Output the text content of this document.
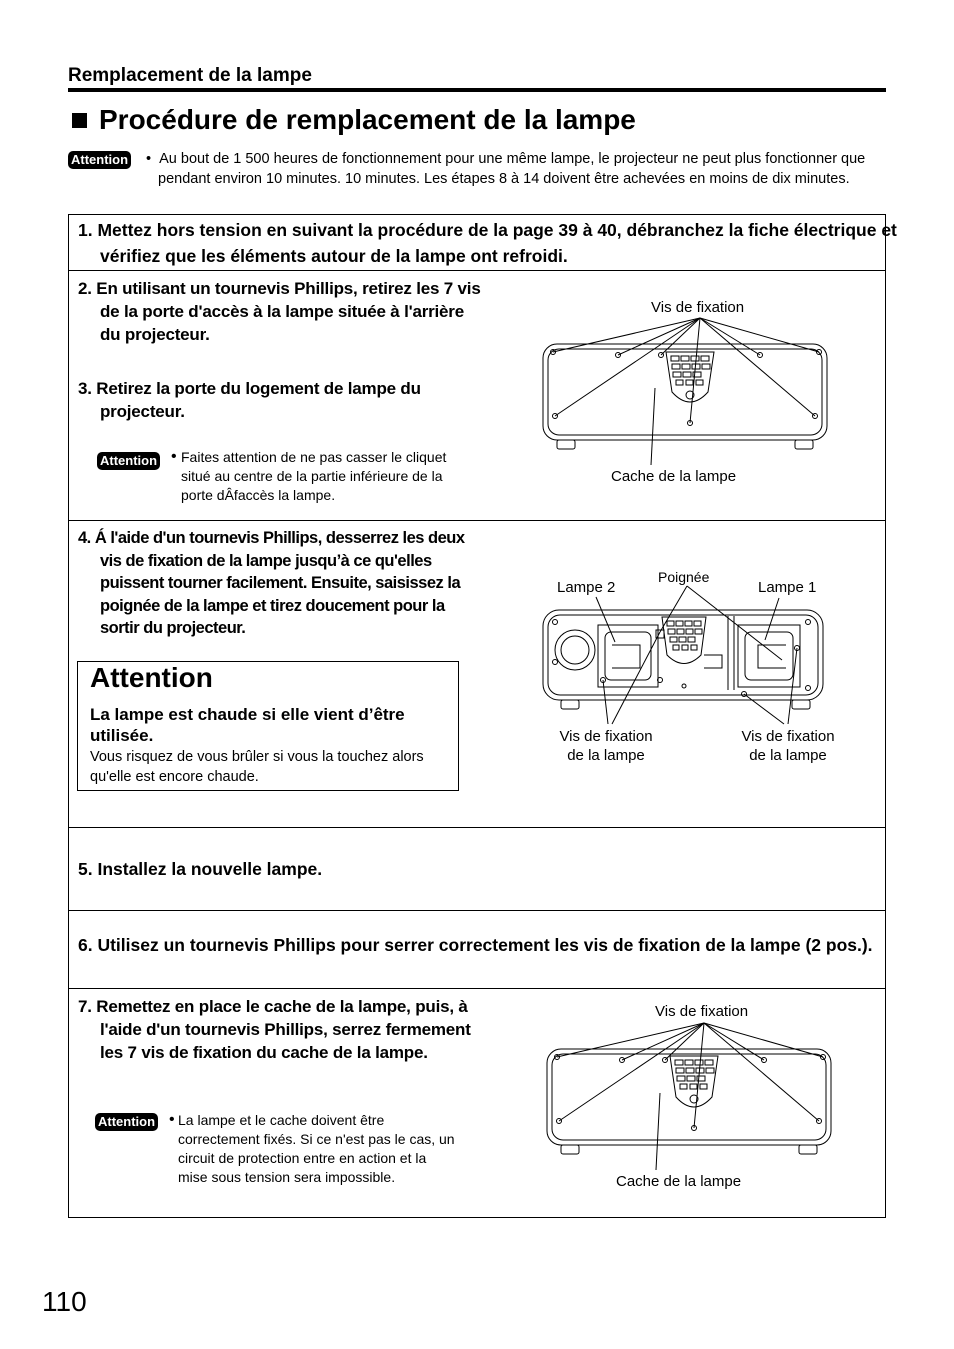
Remplacement de la lampe
Procédure de remplacement de la lampe
Attention • Au bout de 1 500 heures de fonctionnement pour une même lampe, le projecteur ne peut plus fonctionner que pendant environ 10 minutes. 10 minutes. Les étapes 8 à 14 doivent être achevées en moins de dix minutes.
1. Mettez hors tension en suivant la procédure de la page 39 à 40, débranchez la fiche électrique et vérifiez que les éléments autour de la lampe ont refroidi.
2. En utilisant un tournevis Phillips, retirez les 7 vis de la porte d'accès à la lampe située à l'arrière du projecteur.
3. Retirez la porte du logement de lampe du projecteur.
Attention • Faites attention de ne pas casser le cliquet situé au centre de la partie inférieure de la porte dÂfaccès la lampe.
Vis de fixation
Cache de la lampe
4. Á l'aide d'un tournevis Phillips, desserrez les deux vis de fixation de la lampe jusqu’à ce qu'elles puissent tourner facilement. Ensuite, saisissez la poignée de la lampe et tirez doucement pour la sortir du projecteur.
Attention
La lampe est chaude si elle vient d’être utilisée.
Vous risquez de vous brûler si vous la touchez alors qu'elle est encore chaude.
Poignée
Lampe 2	Lampe 1
Vis de fixation
de la lampe
Vis de fixation
de la lampe
5. Installez la nouvelle lampe.
6. Utilisez un tournevis Phillips pour serrer correctement les vis de fixation de la lampe (2 pos.).
7. Remettez en place le cache de la lampe, puis, à l'aide d'un tournevis Phillips, serrez fermement les 7 vis de fixation du cache de la lampe.
Attention • La lampe et le cache doivent être correctement fixés. Si ce n'est pas le cas, un circuit de protection entre en action et la mise sous tension sera impossible.
Vis de fixation
Cache de la lampe
110
